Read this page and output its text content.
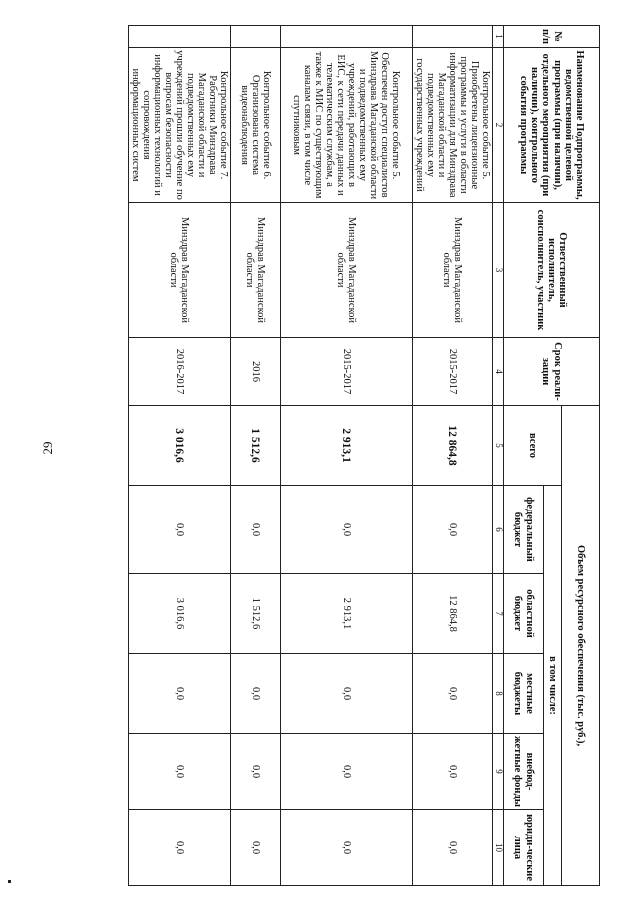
29
№ п/п	Наименование Подпрограммы, ведомственной целевой программы (при наличии), отдельного мероприятия (при наличии), контрольного события программы	Ответственный исполнитель, соисполнитель, участник	Срок реали-зации	Объем ресурсного обеспечения (тыс. руб.),					
				всего	в том числе:				
					федеральный бюджет	областной бюджет	местные бюджеты	внебюд-жетные фонды	юриди-ческие лица
1	2	3	4	5	6	7	8	9	10
	Контрольное событие 5. Приобретены лицензионные программы и услуги в области информатизации для Минздрава Магаданской области и подведомственных ему государственных учреждений	Минздрав Магаданской области	2015-2017	12 864,8	0,0	12 864,8	0,0	0,0	0,0
	Контрольное событие 5. Обеспечен доступ специалистов Минздрава Магаданской области и подведомственных ему учреждений, работающих в ЕИС, к сети передачи данных и телематическим службам, а также к МИС по существующим каналам связи, в том числе спутниковым	Минздрав Магаданской области	2015-2017	2 913,1	0,0	2 913,1	0,0	0,0	0,0
	Контрольное событие 6. Организована система видеонаблюдения	Минздрав Магаданской области	2016	1 512,6	0,0	1 512,6	0,0	0,0	0,0
	Контрольное событие 7. Работники Минздрава Магаданской области и подведомственных ему учреждений прошли обучение по вопросам безопасности информационных технологий и сопровождения информационных систем	Минздрав Магаданской области	2016-2017	3 016,6	0,0	3 016,6	0,0	0,0	0,0
